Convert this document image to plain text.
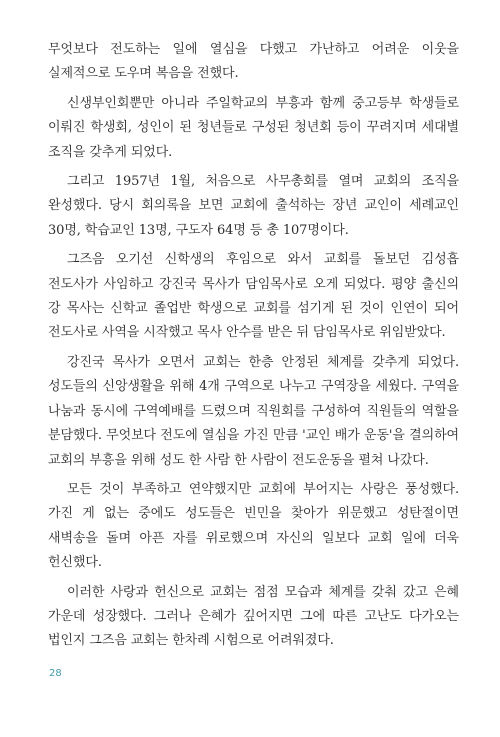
무엇보다 전도하는 일에 열심을 다했고 가난하고 어려운 이웃을 실제적으로 도우며 복음을 전했다.

신생부인회뿐만 아니라 주일학교의 부흥과 함께 중고등부 학생들로 이뤄진 학생회, 성인이 된 청년들로 구성된 청년회 등이 꾸려지며 세대별 조직을 갖추게 되었다.

그리고 1957년 1월, 처음으로 사무총회를 열며 교회의 조직을 완성했다. 당시 회의록을 보면 교회에 출석하는 장년 교인이 세례교인 30명, 학습교인 13명, 구도자 64명 등 총 107명이다.

그즈음 오기선 신학생의 후임으로 와서 교회를 돌보던 김성흡 전도사가 사임하고 강진국 목사가 담임목사로 오게 되었다. 평양 출신의 강 목사는 신학교 졸업반 학생으로 교회를 섬기게 된 것이 인연이 되어 전도사로 사역을 시작했고 목사 안수를 받은 뒤 담임목사로 위임받았다.

강진국 목사가 오면서 교회는 한층 안정된 체계를 갖추게 되었다. 성도들의 신앙생활을 위해 4개 구역으로 나누고 구역장을 세웠다. 구역을 나눔과 동시에 구역예배를 드렸으며 직원회를 구성하여 직원들의 역할을 분담했다. 무엇보다 전도에 열심을 가진 만큼 '교인 배가 운동'을 결의하여 교회의 부흥을 위해 성도 한 사람 한 사람이 전도운동을 펼쳐 나갔다.

모든 것이 부족하고 연약했지만 교회에 부어지는 사랑은 풍성했다. 가진 게 없는 중에도 성도들은 빈민을 찾아가 위문했고 성탄절이면 새벽송을 돌며 아픈 자를 위로했으며 자신의 일보다 교회 일에 더욱 헌신했다.

이러한 사랑과 헌신으로 교회는 점점 모습과 체계를 갖춰 갔고 은혜 가운데 성장했다. 그러나 은혜가 깊어지면 그에 따른 고난도 다가오는 법인지 그즈음 교회는 한차례 시험으로 어려워졌다.

28
